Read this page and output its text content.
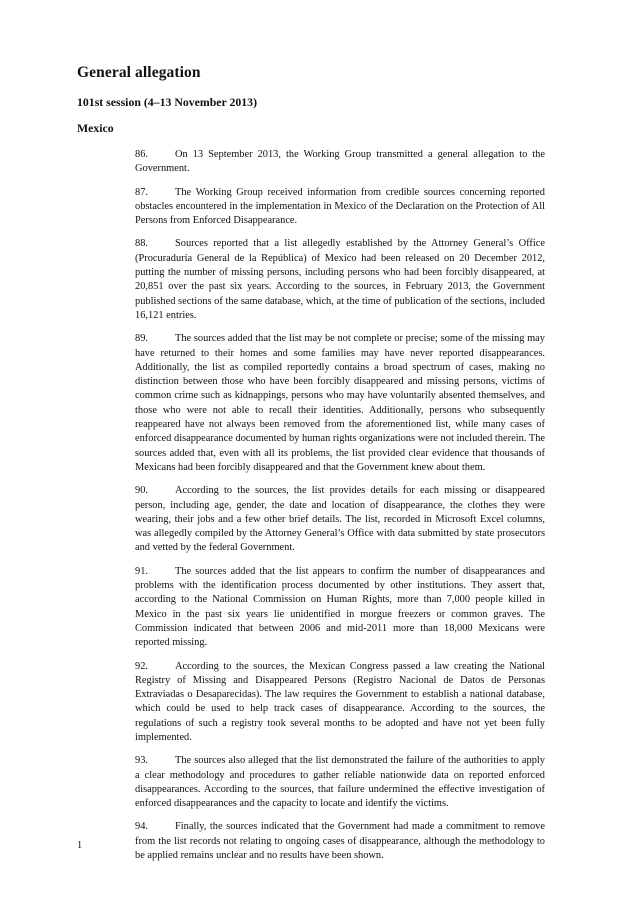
General allegation
101st session (4–13 November 2013)
Mexico

86.	On 13 September 2013, the Working Group transmitted a general allegation to the Government.

87.	The Working Group received information from credible sources concerning reported obstacles encountered in the implementation in Mexico of the Declaration on the Protection of All Persons from Enforced Disappearance.

88.	Sources reported that a list allegedly established by the Attorney General’s Office (Procuraduría General de la República) of Mexico had been released on 20 December 2012, putting the number of missing persons, including persons who had been forcibly disappeared, at 20,851 over the past six years. According to the sources, in February 2013, the Government published sections of the same database, which, at the time of publication of the sections, included 16,121 entries.

89.	The sources added that the list may be not complete or precise; some of the missing may have returned to their homes and some families may have never reported disappearances. Additionally, the list as compiled reportedly contains a broad spectrum of cases, making no distinction between those who have been forcibly disappeared and missing persons, victims of common crime such as kidnappings, persons who may have voluntarily absented themselves, and those who were not able to recall their identities. Additionally, persons who subsequently reappeared have not always been removed from the aforementioned list, while many cases of enforced disappearance documented by human rights organizations were not included therein. The sources added that, even with all its problems, the list provided clear evidence that thousands of Mexicans had been forcibly disappeared and that the Government knew about them.

90.	According to the sources, the list provides details for each missing or disappeared person, including age, gender, the date and location of disappearance, the clothes they were wearing, their jobs and a few other brief details. The list, recorded in Microsoft Excel columns, was allegedly compiled by the Attorney General’s Office with data submitted by state prosecutors and vetted by the federal Government.

91.	The sources added that the list appears to confirm the number of disappearances and problems with the identification process documented by other institutions. They assert that, according to the National Commission on Human Rights, more than 7,000 people killed in Mexico in the past six years lie unidentified in morgue freezers or common graves. The Commission indicated that between 2006 and mid-2011 more than 18,000 Mexicans were reported missing.

92.	According to the sources, the Mexican Congress passed a law creating the National Registry of Missing and Disappeared Persons (Registro Nacional de Datos de Personas Extraviadas o Desaparecidas). The law requires the Government to establish a national database, which could be used to help track cases of disappearance. According to the sources, the regulations of such a registry took several months to be adopted and have not yet been fully implemented.

93.	The sources also alleged that the list demonstrated the failure of the authorities to apply a clear methodology and procedures to gather reliable nationwide data on reported enforced disappearances. According to the sources, that failure undermined the effective investigation of enforced disappearances and the capacity to locate and identify the victims.

94.	Finally, the sources indicated that the Government had made a commitment to remove from the list records not relating to ongoing cases of disappearance, although the methodology to be applied remains unclear and no results have been shown.

1
